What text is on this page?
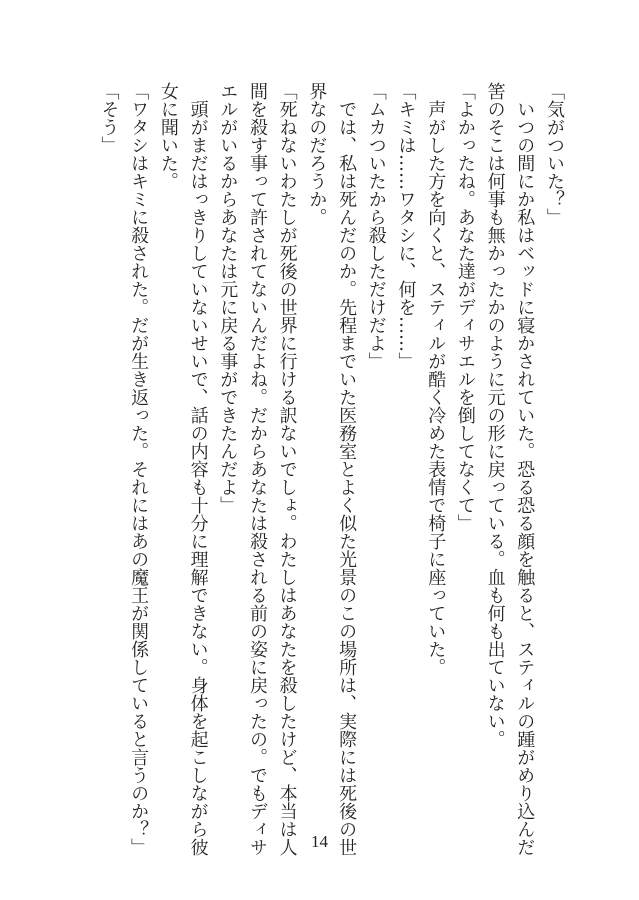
「気がついた？」

　いつの間にか私はベッドに寝かされていた。恐る恐る顔を触ると、スティルの踵がめり込んだ

筈のそこは何事も無かったかのように元の形に戻っている。血も何も出ていない。

「よかったね。あなた達がディサエルを倒してなくて」

　声がした方を向くと、スティルが酷く冷めた表情で椅子に座っていた。

「キミは……ワタシに、何を……」

「ムカついたから殺しただけだよ」

　では、私は死んだのか。先程までいた医務室とよく似た光景のこの場所は、実際には死後の世

界なのだろうか。

「死ねないわたしが死後の世界に行ける訳ないでしょ。わたしはあなたを殺したけど、本当は人

間を殺す事って許されてないんだよね。だからあなたは殺される前の姿に戻ったの。でもディサ

エルがいるからあなたは元に戻る事ができたんだよ」

　頭がまだはっきりしていないせいで、話の内容も十分に理解できない。身体を起こしながら彼

女に聞いた。

「ワタシはキミに殺された。だが生き返った。それにはあの魔王が関係していると言うのか？」

「そう」

14
